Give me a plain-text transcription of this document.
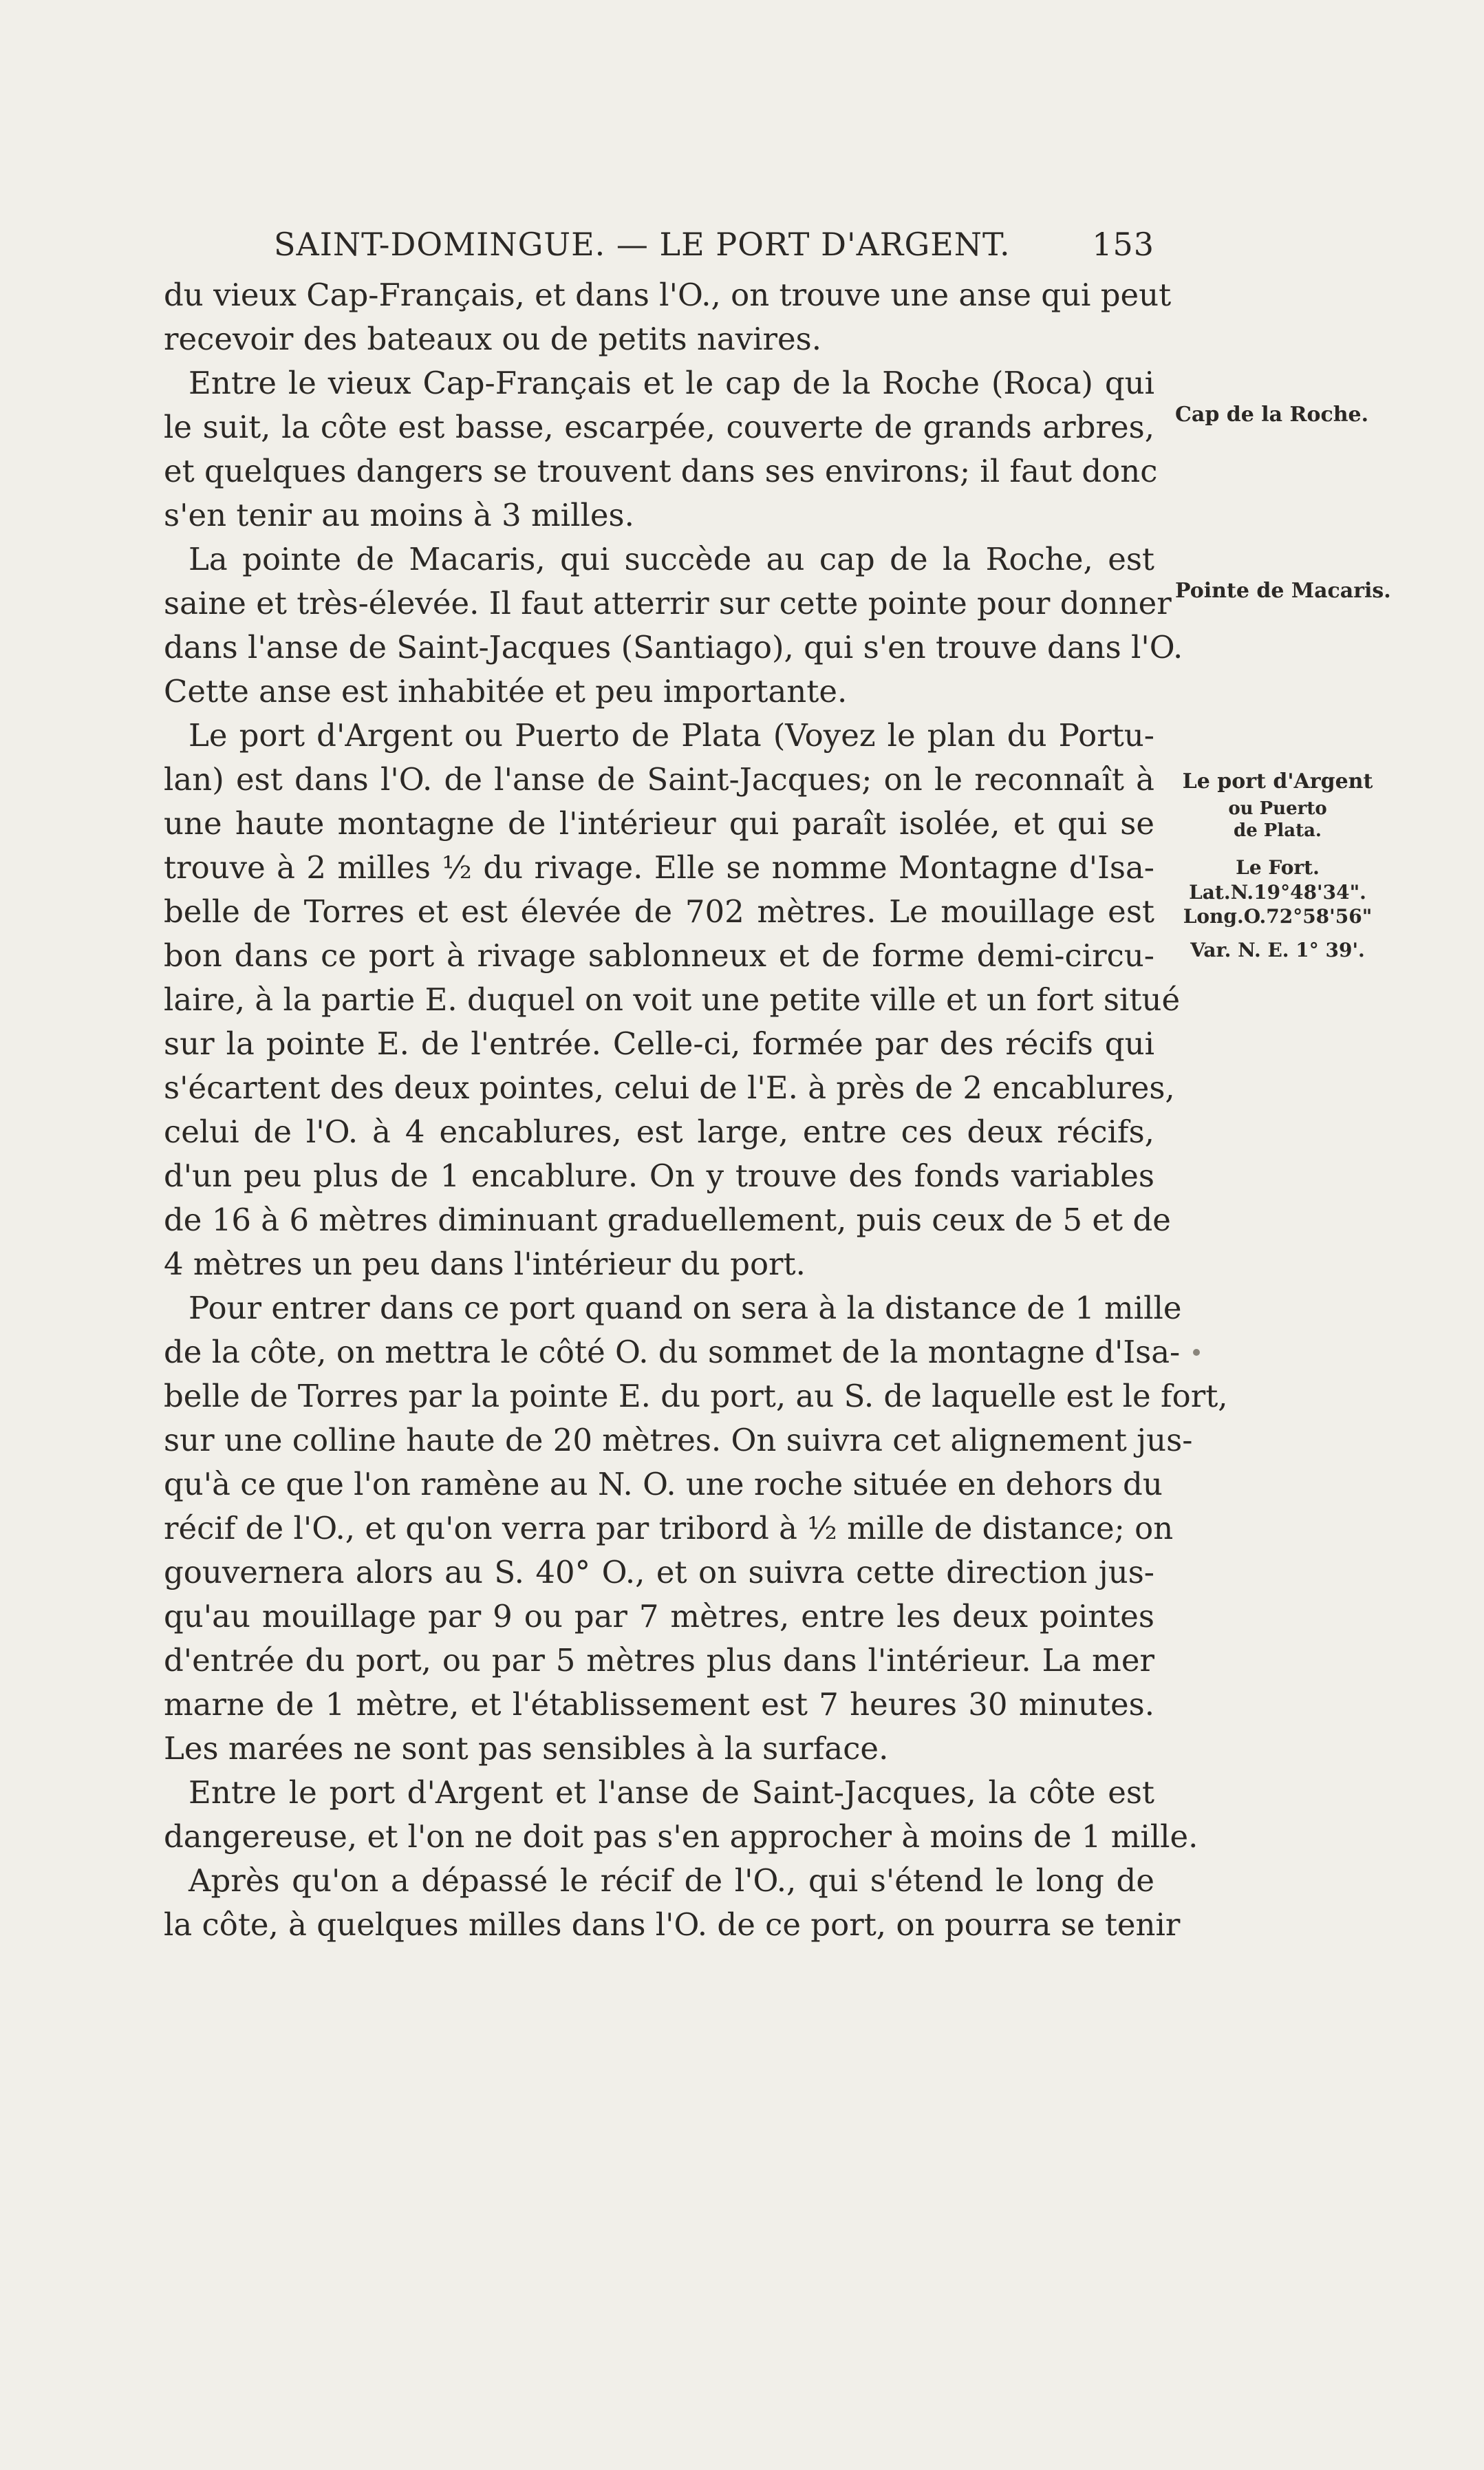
SAINT-DOMINGUE. — LE PORT D'ARGENT.	153
du vieux Cap-Français, et dans l'O., on trouve une anse qui peut
recevoir des bateaux ou de petits navires.
Entre le vieux Cap-Français et le cap de la Roche (Roca) qui
le suit, la côte est basse, escarpée, couverte de grands arbres,
et quelques dangers se trouvent dans ses environs; il faut donc
s'en tenir au moins à 3 milles.
La pointe de Macaris, qui succède au cap de la Roche, est
saine et très-élevée. Il faut atterrir sur cette pointe pour donner
dans l'anse de Saint-Jacques (Santiago), qui s'en trouve dans l'O.
Cette anse est inhabitée et peu importante.
Le port d'Argent ou Puerto de Plata (Voyez le plan du Portu-
lan) est dans l'O. de l'anse de Saint-Jacques; on le reconnaît à
une haute montagne de l'intérieur qui paraît isolée, et qui se
trouve à 2 milles ½ du rivage. Elle se nomme Montagne d'Isa-
belle de Torres et est élevée de 702 mètres. Le mouillage est
bon dans ce port à rivage sablonneux et de forme demi-circu-
laire, à la partie E. duquel on voit une petite ville et un fort situé
sur la pointe E. de l'entrée. Celle-ci, formée par des récifs qui
s'écartent des deux pointes, celui de l'E. à près de 2 encablures,
celui de l'O. à 4 encablures, est large, entre ces deux récifs,
d'un peu plus de 1 encablure. On y trouve des fonds variables
de 16 à 6 mètres diminuant graduellement, puis ceux de 5 et de
4 mètres un peu dans l'intérieur du port.
Pour entrer dans ce port quand on sera à la distance de 1 mille
de la côte, on mettra le côté O. du sommet de la montagne d'Isa-
belle de Torres par la pointe E. du port, au S. de laquelle est le fort,
sur une colline haute de 20 mètres. On suivra cet alignement jus-
qu'à ce que l'on ramène au N. O. une roche située en dehors du
récif de l'O., et qu'on verra par tribord à ½ mille de distance; on
gouvernera alors au S. 40° O., et on suivra cette direction jus-
qu'au mouillage par 9 ou par 7 mètres, entre les deux pointes
d'entrée du port, ou par 5 mètres plus dans l'intérieur. La mer
marne de 1 mètre, et l'établissement est 7 heures 30 minutes.
Les marées ne sont pas sensibles à la surface.
Entre le port d'Argent et l'anse de Saint-Jacques, la côte est
dangereuse, et l'on ne doit pas s'en approcher à moins de 1 mille.
Après qu'on a dépassé le récif de l'O., qui s'étend le long de
la côte, à quelques milles dans l'O. de ce port, on pourra se tenir
Cap de la Roche.
Pointe de Macaris.
Le port d'Argent
ou Puerto
de Plata.
Le Fort.
Lat.N.19°48'34".
Long.O.72°58'56"
Var. N. E. 1° 39'.
